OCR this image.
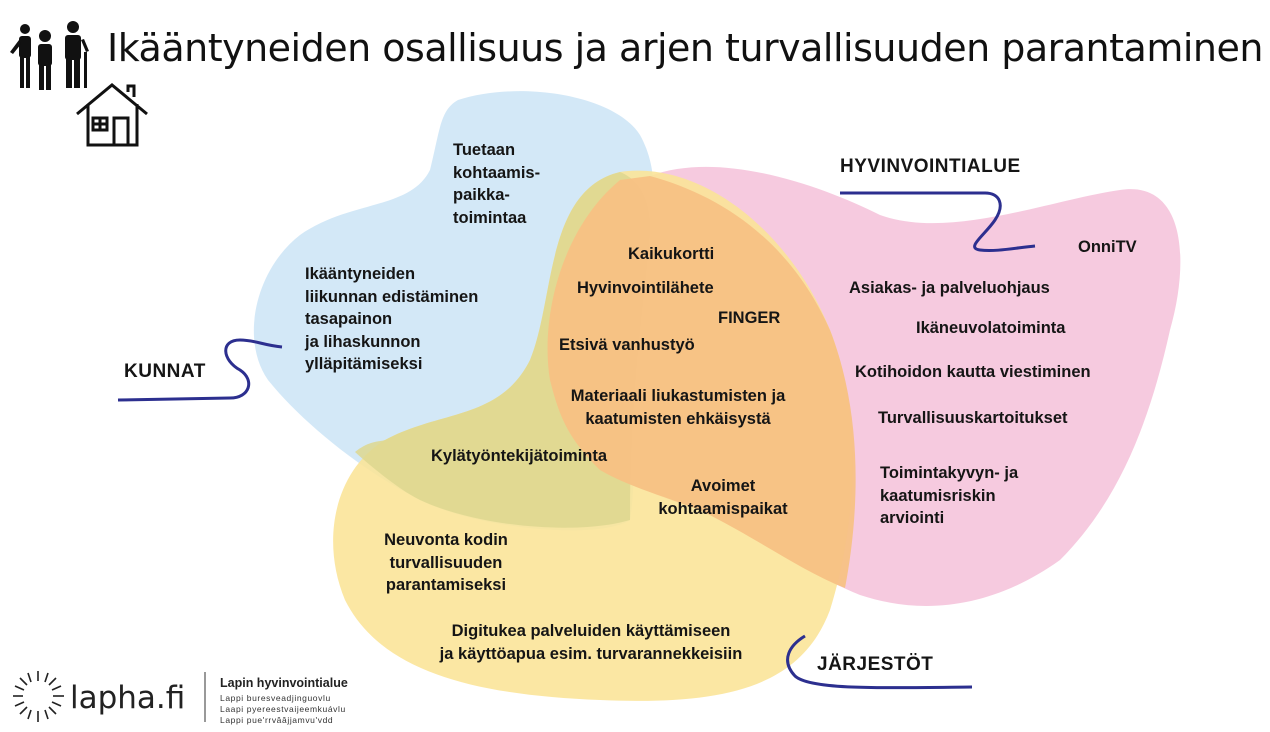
Ikääntyneiden osallisuus ja arjen turvallisuuden parantaminen
KUNNAT
HYVINVOINTIALUE
JÄRJESTÖT
Tuetaan
kohtaamis-
paikka-
toimintaa
Ikääntyneiden
liikunnan edistäminen
tasapainon
ja lihaskunnon
ylläpitämiseksi
Kaikukortti
Hyvinvointilähete
FINGER
Etsivä vanhustyö
Materiaali liukastumisten ja
kaatumisten ehkäisystä
Kylätyöntekijätoiminta
Avoimet
kohtaamispaikat
OnniTV
Asiakas- ja palveluohjaus
Ikäneuvolatoiminta
Kotihoidon kautta viestiminen
Turvallisuuskartoitukset
Toimintakyvyn- ja
kaatumisriskin
arviointi
Neuvonta kodin
turvallisuuden
parantamiseksi
Digitukea palveluiden käyttämiseen
ja käyttöapua esim. turvarannekkeisiin
lapha.fi	Lapin hyvinvointialue
Lappi buresveadjinguovlu
Laapi pyereestvaijeemkuávlu
Lappi pue'rrvââjjamvu'vdd
